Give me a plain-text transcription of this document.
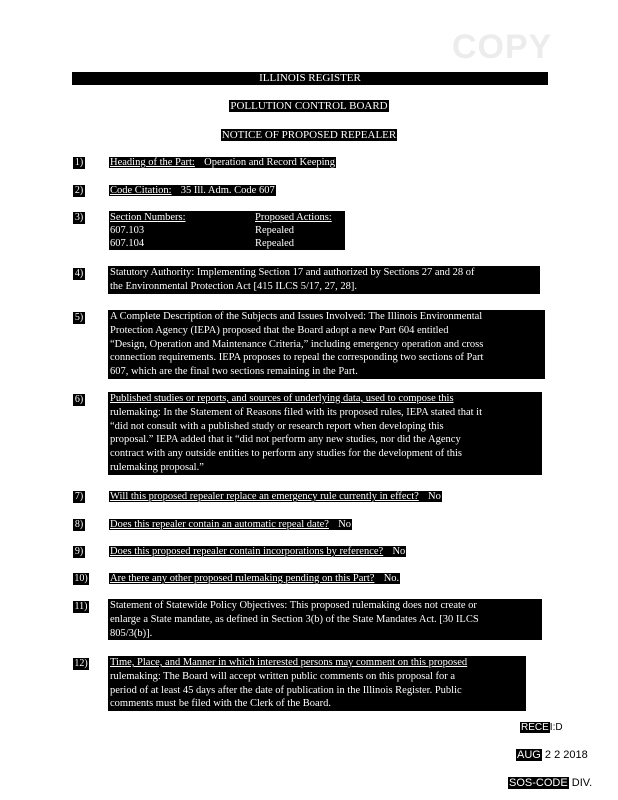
COPY
ILLINOIS REGISTER
POLLUTION CONTROL BOARD
NOTICE OF PROPOSED REPEALER
1)	Heading of the Part: Operation and Record Keeping
2)	Code Citation: 35 Ill. Adm. Code 607
3)	Section Numbers:	Proposed Actions:
607.103	Repealed
607.104	Repealed
4)	Statutory Authority: Implementing Section 17 and authorized by Sections 27 and 28 of
the Environmental Protection Act [415 ILCS 5/17, 27, 28].
5)	A Complete Description of the Subjects and Issues Involved: The Illinois Environmental
Protection Agency (IEPA) proposed that the Board adopt a new Part 604 entitled
“Design, Operation and Maintenance Criteria,” including emergency operation and cross
connection requirements. IEPA proposes to repeal the corresponding two sections of Part
607, which are the final two sections remaining in the Part.
6)	Published studies or reports, and sources of underlying data, used to compose this
rulemaking: In the Statement of Reasons filed with its proposed rules, IEPA stated that it
“did not consult with a published study or research report when developing this
proposal.” IEPA added that it “did not perform any new studies, nor did the Agency
contract with any outside entities to perform any studies for the development of this
rulemaking proposal.”
7)	Will this proposed repealer replace an emergency rule currently in effect? No
8)	Does this repealer contain an automatic repeal date? No
9)	Does this proposed repealer contain incorporations by reference? No
10) Are there any other proposed rulemaking pending on this Part? No.
11) Statement of Statewide Policy Objectives: This proposed rulemaking does not create or
enlarge a State mandate, as defined in Section 3(b) of the State Mandates Act. [30 ILCS
805/3(b)].
12) Time, Place, and Manner in which interested persons may comment on this proposed
rulemaking: The Board will accept written public comments on this proposal for a
period of at least 45 days after the date of publication in the Illinois Register. Public
comments must be filed with the Clerk of the Board.
RECEI:D
AUG 2 2 2018
SOS-CODE DIV.
